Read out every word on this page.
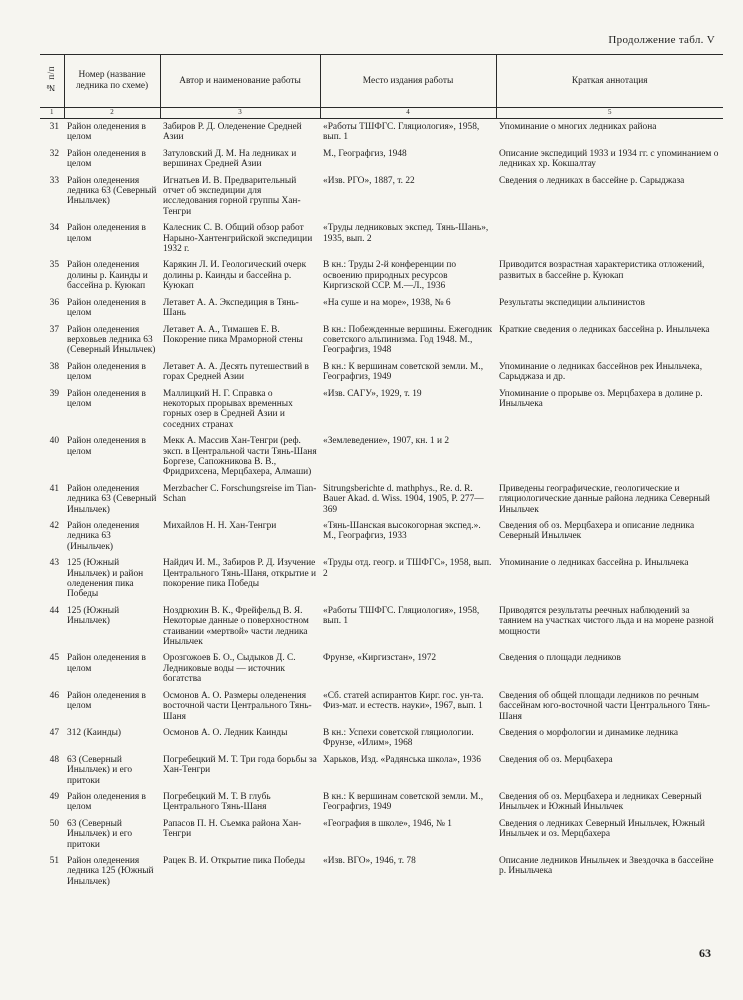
Продолжение табл. V
№ п/п	Номер (название ледника по схеме)	Автор и наименование работы	Место издания работы	Краткая аннотация
1	2	3	4	5
31	Район оледенения в целом	Забиров Р. Д. Оледенение Средней Азии	«Работы ТШФГС. Гляциология», 1958, вып. 1	Упоминание о многих ледниках района
32	Район оледенения в целом	Затуловский Д. М. На ледниках и вершинах Средней Азии	М., Географгиз, 1948	Описание экспедиций 1933 и 1934 гг. с упоминанием о ледниках хр. Кокшалтау
33	Район оледенения ледника 63 (Северный Иныльчек)	Игнатьев И. В. Предварительный отчет об экспедиции для исследования горной группы Хан-Тенгри	«Изв. РГО», 1887, т. 22	Сведения о ледниках в бассейне р. Сарыджаза
34	Район оледенения в целом	Калесник С. В. Общий обзор работ Нарыно-Хантенгрийской экспедиции 1932 г.	«Труды ледниковых экспед. Тянь-Шань», 1935, вып. 2	
35	Район оледенения долины р. Каинды и бассейна р. Куюкап	Карякин Л. И. Геологический очерк долины р. Каинды и бассейна р. Куюкап	В кн.: Труды 2-й конференции по освоению природных ресурсов Киргизской ССР. М.—Л., 1936	Приводится возрастная характеристика отложений, развитых в бассейне р. Куюкап
36	Район оледенения в целом	Летавет А. А. Экспедиция в Тянь-Шань	«На суше и на море», 1938, № 6	Результаты экспедиции альпинистов
37	Район оледенения верховьев ледника 63 (Северный Иныльчек)	Летавет А. А., Тимашев Е. В. Покорение пика Мраморной стены	В кн.: Побежденные вершины. Ежегодник советского альпинизма. Год 1948. М., Географгиз, 1948	Краткие сведения о ледниках бассейна р. Иныльчека
38	Район оледенения в целом	Летавет А. А. Десять путешествий в горах Средней Азии	В кн.: К вершинам советской земли. М., Географгиз, 1949	Упоминание о ледниках бассейнов рек Иныльчека, Сарыджаза и др.
39	Район оледенения в целом	Маллицкий Н. Г. Справка о некоторых прорывах временных горных озер в Средней Азии и соседних странах	«Изв. САГУ», 1929, т. 19	Упоминание о прорыве оз. Мерцбахера в долине р. Иныльчека
40	Район оледенения в целом	Мекк А. Массив Хан-Тенгри (реф. эксп. в Центральной части Тянь-Шаня Боргезе, Сапожникова В. В., Фридрихсена, Мерцбахера, Алмаши)	«Землеведение», 1907, кн. 1 и 2	
41	Район оледенения ледника 63 (Северный Иныльчек)	Merzbacher C. Forschungsreise im Tian-Schan	Sitrungsberichte d. mathphys., Re. d. R. Bauer Akad. d. Wiss. 1904, 1905, P. 277—369	Приведены географические, геологические и гляциологические данные района ледника Северный Иныльчек
42	Район оледенения ледника 63 (Иныльчек)	Михайлов Н. Н. Хан-Тенгри	«Тянь-Шанская высокогорная экспед.». М., Географгиз, 1933	Сведения об оз. Мерцбахера и описание ледника Северный Иныльчек
43	125 (Южный Иныльчек) и район оледенения пика Победы	Найдич И. М., Забиров Р. Д. Изучение Центрального Тянь-Шаня, открытие и покорение пика Победы	«Труды отд. геогр. и ТШФГС», 1958, вып. 2	Упоминание о ледниках бассейна р. Иныльчека
44	125 (Южный Иныльчек)	Ноздрюхин В. К., Фрейфельд В. Я. Некоторые данные о поверхностном стаивании «мертвой» части ледника Иныльчек	«Работы ТШФГС. Гляциология», 1958, вып. 1	Приводятся результаты реечных наблюдений за таянием на участках чистого льда и на морене разной мощности
45	Район оледенения в целом	Орозгожоев Б. О., Сыдыков Д. С. Ледниковые воды — источник богатства	Фрунзе, «Киргизстан», 1972	Сведения о площади ледников
46	Район оледенения в целом	Осмонов А. О. Размеры оледенения восточной части Центрального Тянь-Шаня	«Сб. статей аспирантов Кирг. гос. ун-та. Физ-мат. и естеств. науки», 1967, вып. 1	Сведения об общей площади ледников по речным бассейнам юго-восточной части Центрального Тянь-Шаня
47	312 (Каинды)	Осмонов А. О. Ледник Каинды	В кн.: Успехи советской гляциологии. Фрунзе, «Илим», 1968	Сведения о морфологии и динамике ледника
48	63 (Северный Иныльчек) и его притоки	Погребецкий М. Т. Три года борьбы за Хан-Тенгри	Харьков, Изд. «Радянська школа», 1936	Сведения об оз. Мерцбахера
49	Район оледенения в целом	Погребецкий М. Т. В глубь Центрального Тянь-Шаня	В кн.: К вершинам советской земли. М., Географгиз, 1949	Сведения об оз. Мерцбахера и ледниках Северный Иныльчек и Южный Иныльчек
50	63 (Северный Иныльчек) и его притоки	Рапасов П. Н. Съемка района Хан-Тенгри	«География в школе», 1946, № 1	Сведения о ледниках Северный Иныльчек, Южный Иныльчек и оз. Мерцбахера
51	Район оледенения ледника 125 (Южный Иныльчек)	Рацек В. И. Открытие пика Победы	«Изв. ВГО», 1946, т. 78	Описание ледников Иныльчек и Звездочка в бассейне р. Иныльчека
63
